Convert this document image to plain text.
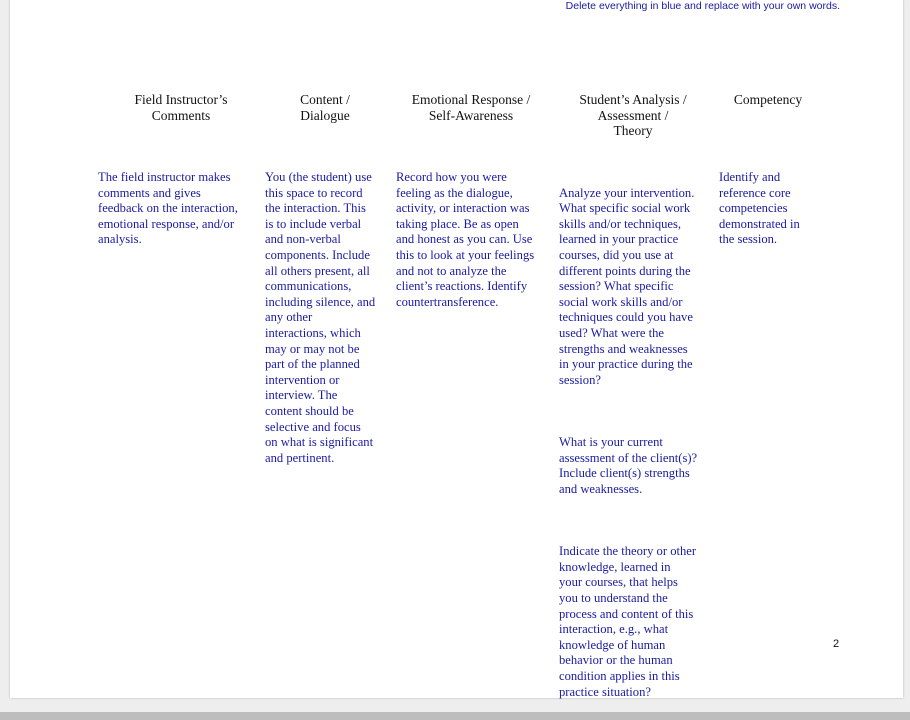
Delete everything in blue and replace with your own words.
Field Instructor’s
Comments
The field instructor makes
comments and gives
feedback on the interaction,
emotional response, and/or
analysis.
Content /
Dialogue
You (the student) use
this space to record
the interaction. This
is to include verbal
and non-verbal
components. Include
all others present, all
communications,
including silence, and
any other
interactions, which
may or may not be
part of the planned
intervention or
interview. The
content should be
selective and focus
on what is significant
and pertinent.
Emotional Response /
Self-Awareness
Record how you were
feeling as the dialogue,
activity, or interaction was
taking place. Be as open
and honest as you can. Use
this to look at your feelings
and not to analyze the
client’s reactions. Identify
countertransference.
Student’s Analysis /
Assessment /
Theory

Analyze your intervention.
What specific social work
skills and/or techniques,
learned in your practice
courses, did you use at
different points during the
session? What specific
social work skills and/or
techniques could you have
used? What were the
strengths and weaknesses
in your practice during the
session?

What is your current
assessment of the client(s)?
Include client(s) strengths
and weaknesses.

Indicate the theory or other
knowledge, learned in
your courses, that helps
you to understand the
process and content of this
interaction, e.g., what
knowledge of human
behavior or the human
condition applies in this
practice situation?

Competency
Identify and
reference core
competencies
demonstrated in
the session.
2
